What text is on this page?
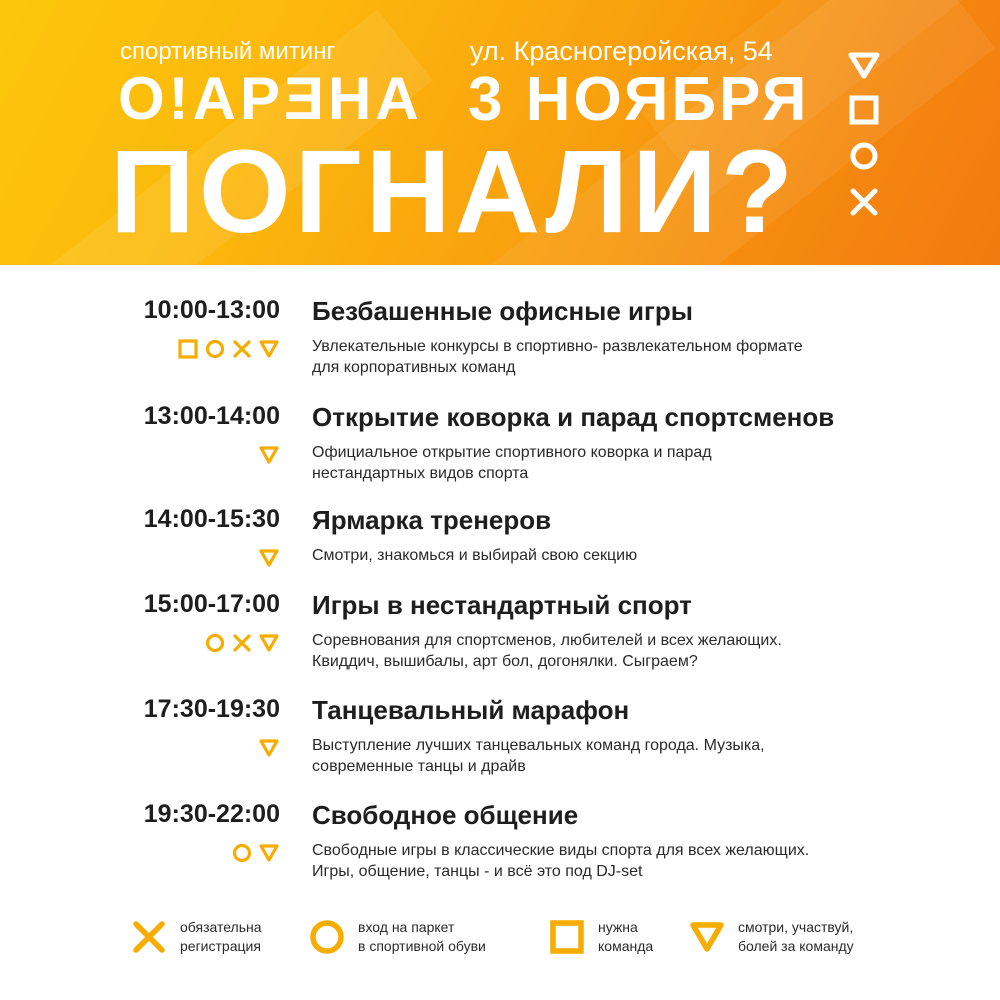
спортивный митинг	ул. Красногеройская, 54
O!АРƎНА 3 НОЯБРЯ
ПОГНАЛИ?
10:00-13:00 Безбашенные офисные игры
Увлекательные конкурсы в спортивно- развлекательном формате
для корпоративных команд
13:00-14:00 Открытие коворка и парад спортсменов
Официальное открытие спортивного коворка и парад
нестандартных видов спорта
14:00-15:30 Ярмарка тренеров
Смотри, знакомься и выбирай свою секцию
15:00-17:00 Игры в нестандартный спорт
Соревнования для спортсменов, любителей и всех желающих.
Квиддич, вышибалы, арт бол, догонялки. Сыграем?
17:30-19:30 Танцевальный марафон
Выступление лучших танцевальных команд города. Музыка,
современные танцы и драйв
19:30-22:00 Свободное общение
Свободные игры в классические виды спорта для всех желающих.
Игры, общение, танцы - и всё это под DJ-set
обязательна
регистрация
вход на паркет
в спортивной обуви
нужна
команда
смотри, участвуй,
болей за команду
